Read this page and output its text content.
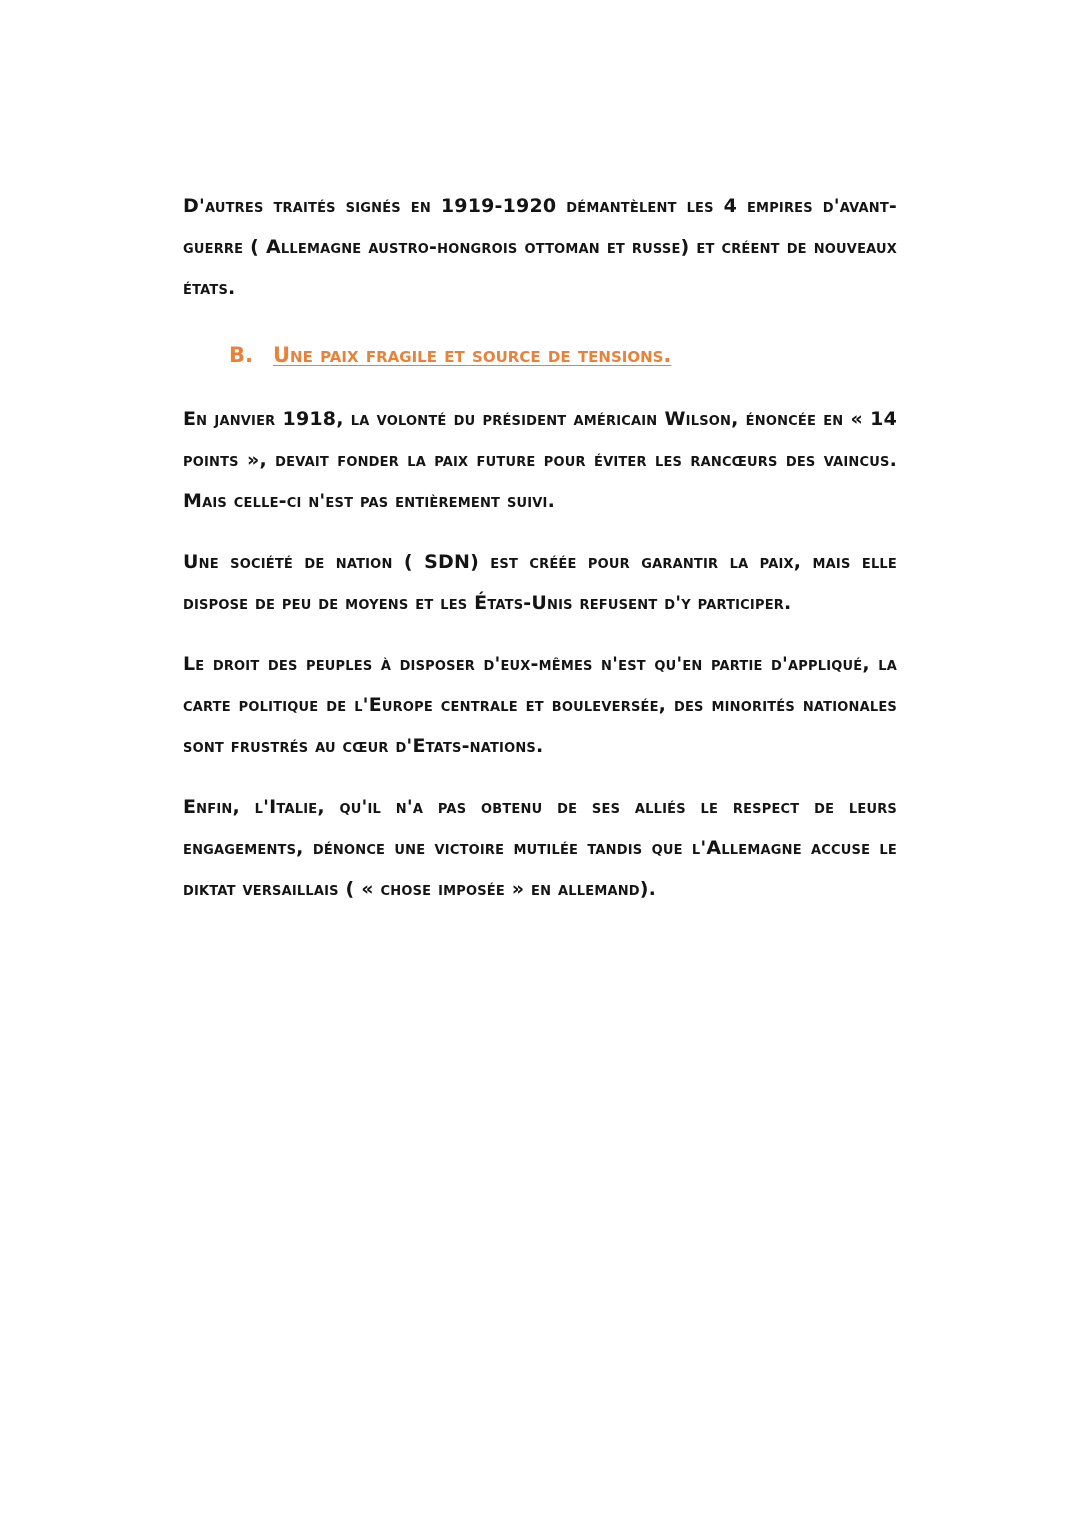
D'autres traités signés en 1919-1920 démantèlent les 4 empires d'avant-guerre ( Allemagne austro-hongrois ottoman et russe) et créent de nouveaux états.

B. Une paix fragile et source de tensions.

En janvier 1918, la volonté du président américain Wilson, énoncée en « 14 points », devait fonder la paix future pour éviter les rancœurs des vaincus. Mais celle-ci n'est pas entièrement suivi.

Une société de nation ( SDN) est créée pour garantir la paix, mais elle dispose de peu de moyens et les États-Unis refusent d'y participer.

Le droit des peuples à disposer d'eux-mêmes n'est qu'en partie d'appliqué, la carte politique de l'Europe centrale et bouleversée, des minorités nationales sont frustrés au cœur d'Etats-nations.

Enfin, l'Italie, qu'il n'a pas obtenu de ses alliés le respect de leurs engagements, dénonce une victoire mutilée tandis que l'Allemagne accuse le diktat versaillais ( « chose imposée » en allemand).
